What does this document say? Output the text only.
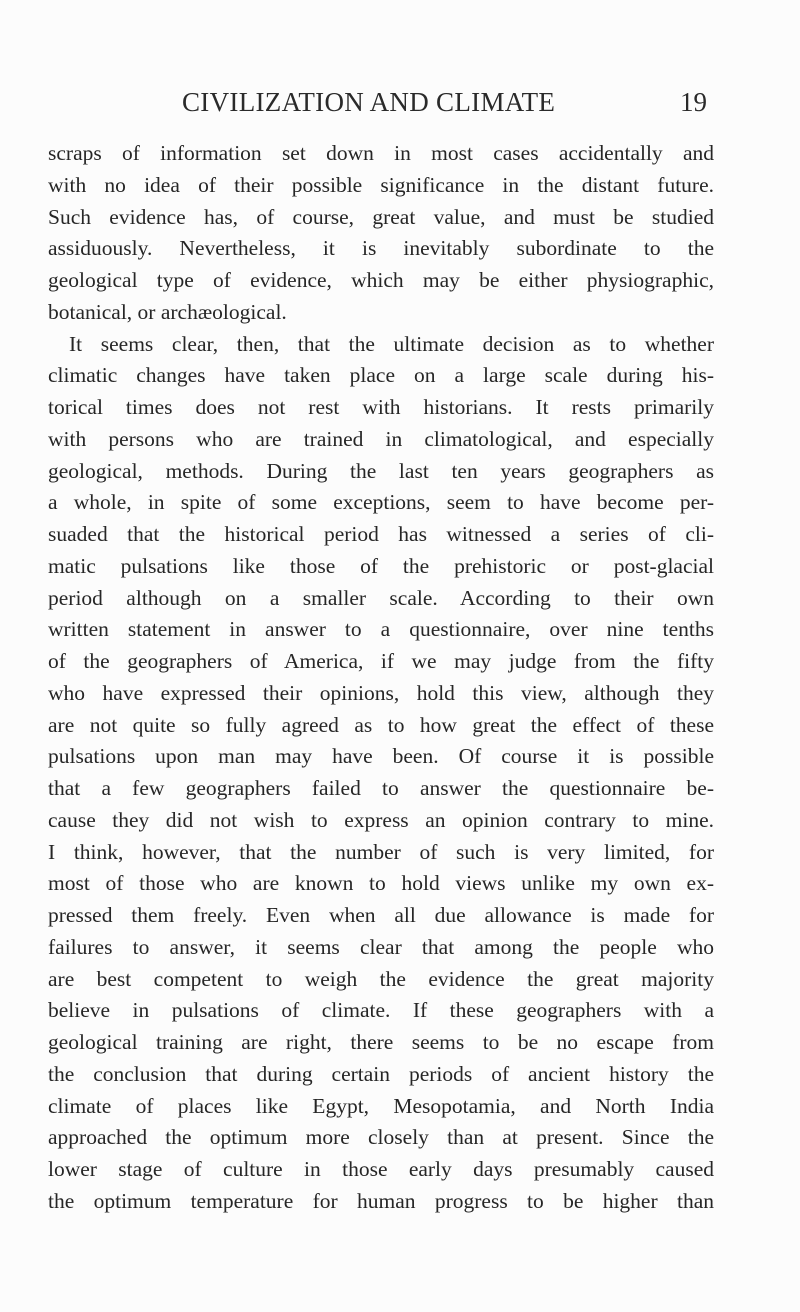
CIVILIZATION AND CLIMATE	19
scraps of information set down in most cases accidentally and
with no idea of their possible significance in the distant future.
Such evidence has, of course, great value, and must be studied
assiduously. Nevertheless, it is inevitably subordinate to the
geological type of evidence, which may be either physiographic,
botanical, or archæological.
It seems clear, then, that the ultimate decision as to whether
climatic changes have taken place on a large scale during his-
torical times does not rest with historians. It rests primarily
with persons who are trained in climatological, and especially
geological, methods. During the last ten years geographers as
a whole, in spite of some exceptions, seem to have become per-
suaded that the historical period has witnessed a series of cli-
matic pulsations like those of the prehistoric or post-glacial
period although on a smaller scale. According to their own
written statement in answer to a questionnaire, over nine tenths
of the geographers of America, if we may judge from the fifty
who have expressed their opinions, hold this view, although they
are not quite so fully agreed as to how great the effect of these
pulsations upon man may have been. Of course it is possible
that a few geographers failed to answer the questionnaire be-
cause they did not wish to express an opinion contrary to mine.
I think, however, that the number of such is very limited, for
most of those who are known to hold views unlike my own ex-
pressed them freely. Even when all due allowance is made for
failures to answer, it seems clear that among the people who
are best competent to weigh the evidence the great majority
believe in pulsations of climate. If these geographers with a
geological training are right, there seems to be no escape from
the conclusion that during certain periods of ancient history the
climate of places like Egypt, Mesopotamia, and North India
approached the optimum more closely than at present. Since the
lower stage of culture in those early days presumably caused
the optimum temperature for human progress to be higher than
